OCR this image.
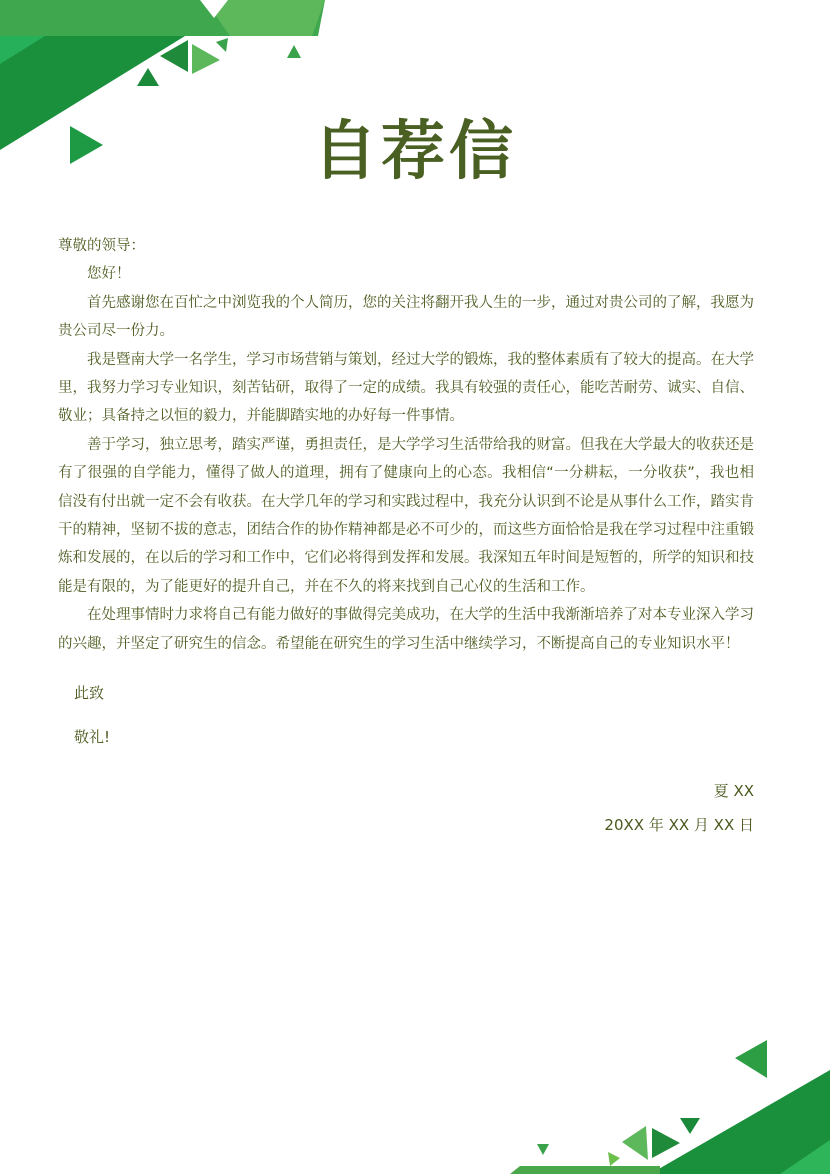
自荐信

尊敬的领导：

您好！

首先感谢您在百忙之中浏览我的个人简历，您的关注将翻开我人生的一步，通过对贵公司的了解，我愿为贵公司尽一份力。

我是暨南大学一名学生，学习市场营销与策划，经过大学的锻炼，我的整体素质有了较大的提高。在大学里，我努力学习专业知识，刻苦钻研，取得了一定的成绩。我具有较强的责任心，能吃苦耐劳、诚实、自信、敬业；具备持之以恒的毅力，并能脚踏实地的办好每一件事情。

善于学习，独立思考，踏实严谨，勇担责任，是大学学习生活带给我的财富。但我在大学最大的收获还是有了很强的自学能力，懂得了做人的道理，拥有了健康向上的心态。我相信“一分耕耘，一分收获”，我也相信没有付出就一定不会有收获。在大学几年的学习和实践过程中，我充分认识到不论是从事什么工作，踏实肯干的精神，坚韧不拔的意志，团结合作的协作精神都是必不可少的，而这些方面恰恰是我在学习过程中注重锻炼和发展的，在以后的学习和工作中，它们必将得到发挥和发展。我深知五年时间是短暂的，所学的知识和技能是有限的，为了能更好的提升自己，并在不久的将来找到自己心仪的生活和工作。

在处理事情时力求将自己有能力做好的事做得完美成功，在大学的生活中我渐渐培养了对本专业深入学习的兴趣，并坚定了研究生的信念。希望能在研究生的学习生活中继续学习，不断提高自己的专业知识水平！

此致
敬礼!
夏 XX
20XX 年 XX 月 XX 日
